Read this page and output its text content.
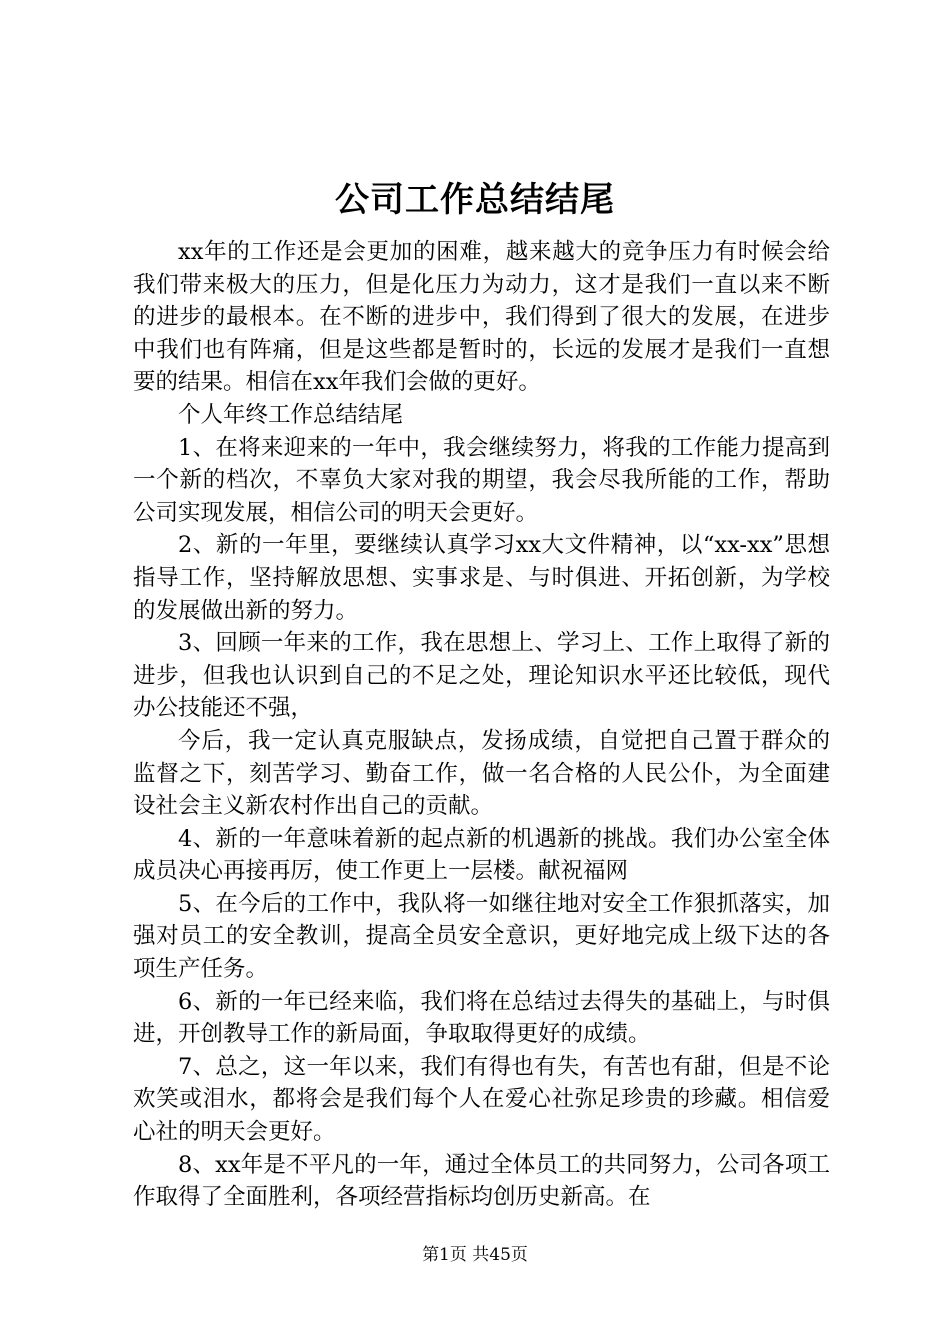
公司工作总结结尾

xx年的工作还是会更加的困难，越来越大的竞争压力有时候会给我们带来极大的压力，但是化压力为动力，这才是我们一直以来不断的进步的最根本。在不断的进步中，我们得到了很大的发展，在进步中我们也有阵痛，但是这些都是暂时的，长远的发展才是我们一直想要的结果。相信在xx年我们会做的更好。

个人年终工作总结结尾

1、在将来迎来的一年中，我会继续努力，将我的工作能力提高到一个新的档次，不辜负大家对我的期望，我会尽我所能的工作，帮助公司实现发展，相信公司的明天会更好。

2、新的一年里，要继续认真学习xx大文件精神，以“xx-xx”思想指导工作，坚持解放思想、实事求是、与时俱进、开拓创新，为学校的发展做出新的努力。

3、回顾一年来的工作，我在思想上、学习上、工作上取得了新的进步，但我也认识到自己的不足之处，理论知识水平还比较低，现代办公技能还不强，

今后，我一定认真克服缺点，发扬成绩，自觉把自己置于群众的监督之下，刻苦学习、勤奋工作，做一名合格的人民公仆，为全面建设社会主义新农村作出自己的贡献。

4、新的一年意味着新的起点新的机遇新的挑战。我们办公室全体成员决心再接再厉，使工作更上一层楼。献祝福网

5、在今后的工作中，我队将一如继往地对安全工作狠抓落实，加强对员工的安全教训，提高全员安全意识，更好地完成上级下达的各项生产任务。

6、新的一年已经来临，我们将在总结过去得失的基础上，与时俱进，开创教导工作的新局面，争取取得更好的成绩。

7、总之，这一年以来，我们有得也有失，有苦也有甜，但是不论欢笑或泪水，都将会是我们每个人在爱心社弥足珍贵的珍藏。相信爱心社的明天会更好。

8、xx年是不平凡的一年，通过全体员工的共同努力，公司各项工作取得了全面胜利，各项经营指标均创历史新高。在

第1页 共45页
